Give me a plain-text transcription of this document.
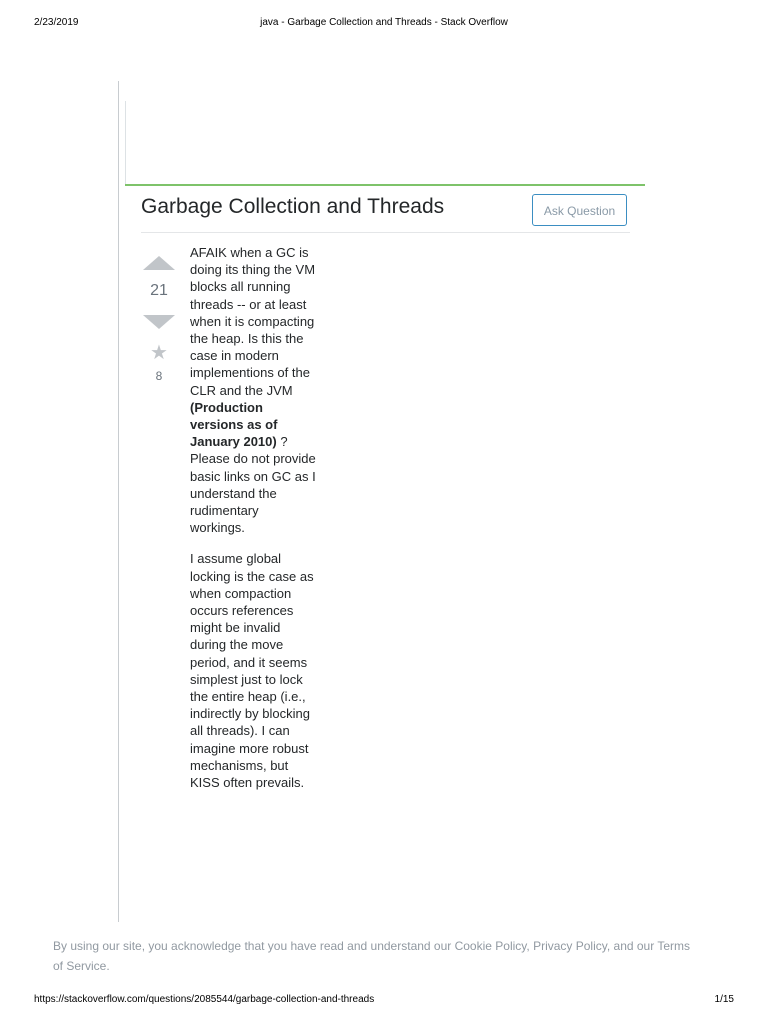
2/23/2019	java - Garbage Collection and Threads - Stack Overflow
Garbage Collection and Threads	Ask Question
21
★
8

AFAIK when a GC is doing its thing the VM blocks all running threads -- or at least when it is compacting the heap. Is this the case in modern implementions of the CLR and the JVM (Production versions as of January 2010) ? Please do not provide basic links on GC as I understand the rudimentary workings.

I assume global locking is the case as when compaction occurs references might be invalid during the move period, and it seems simplest just to lock the entire heap (i.e., indirectly by blocking all threads). I can imagine more robust mechanisms, but KISS often prevails.

By using our site, you acknowledge that you have read and understand our Cookie Policy, Privacy Policy, and our Terms of Service.
https://stackoverflow.com/questions/2085544/garbage-collection-and-threads	1/15
